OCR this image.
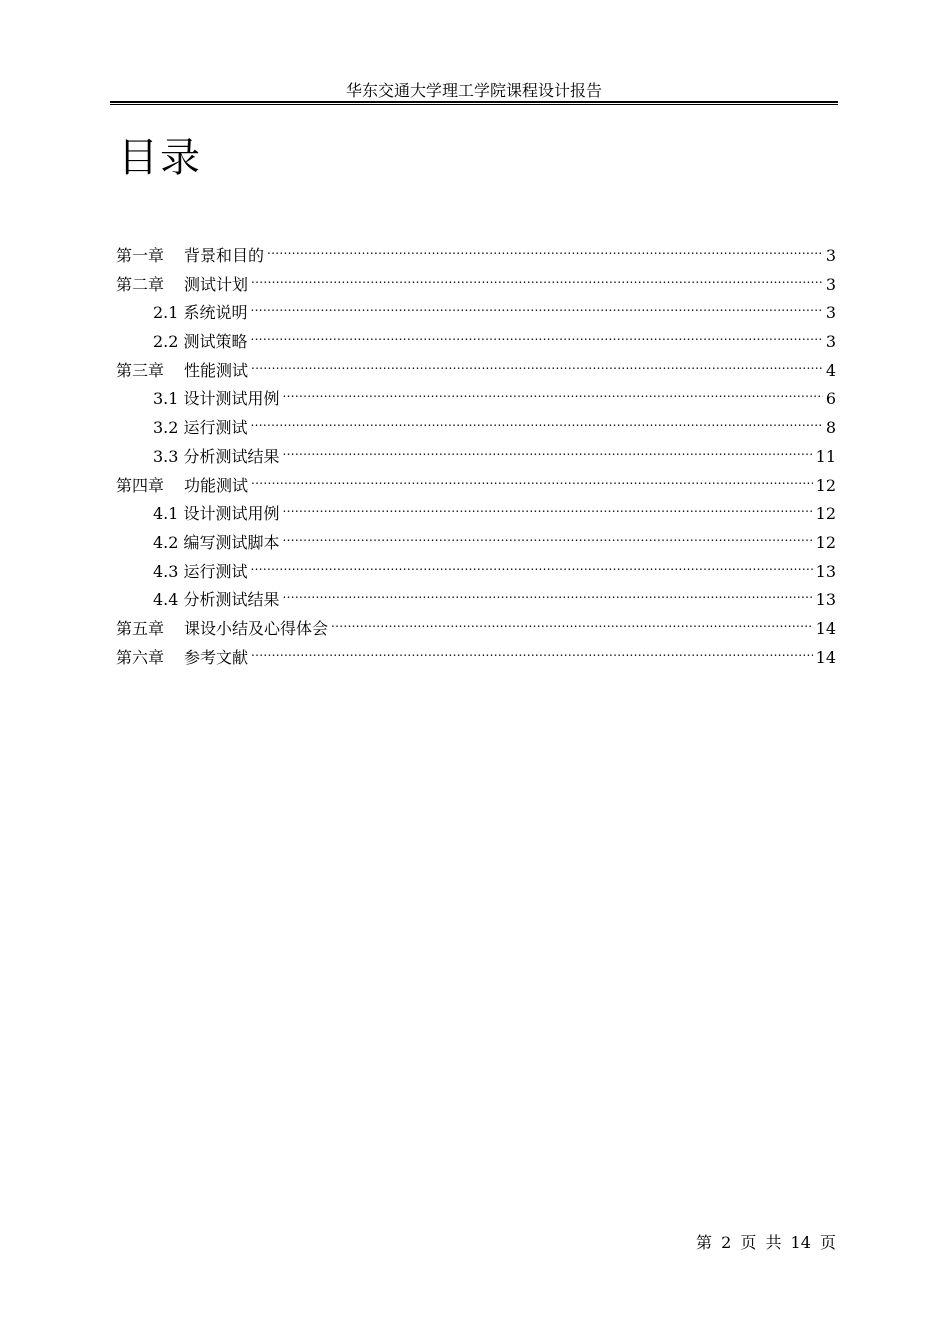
华东交通大学理工学院课程设计报告
目录
第一章 背景和目的 .....	3
第二章 测试计划 .....	3
2.1 系统说明 .....	3
2.2 测试策略 .....	3
第三章 性能测试 .....	4
3.1 设计测试用例 .....	6
3.2 运行测试 .....	8
3.3 分析测试结果 .....	11
第四章 功能测试 .....	12
4.1 设计测试用例 .....	12
4.2 编写测试脚本 .....	12
4.3 运行测试 .....	13
4.4 分析测试结果 .....	13
第五章 课设小结及心得体会 .....	14
第六章 参考文献 .....	14
第 2 页 共 14 页
